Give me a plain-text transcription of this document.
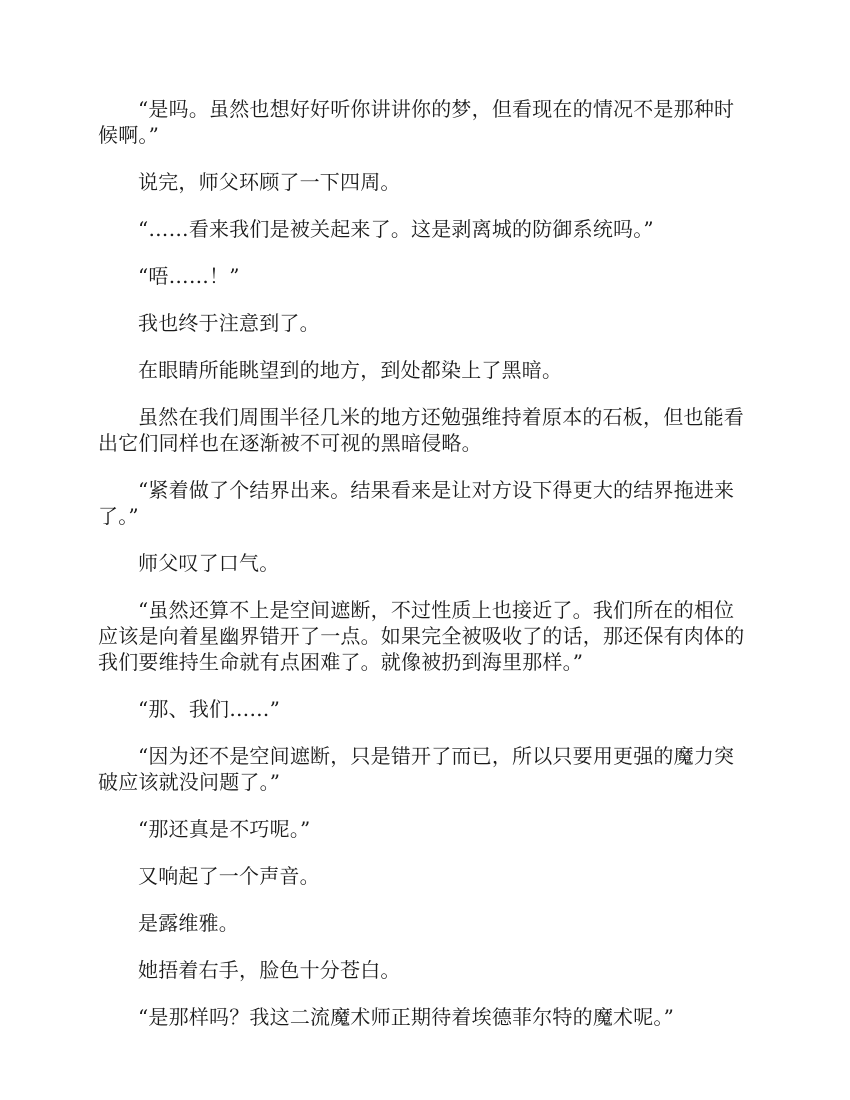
“是吗。虽然也想好好听你讲讲你的梦，但看现在的情况不是那种时候啊。”

说完，师父环顾了一下四周。

“……看来我们是被关起来了。这是剥离城的防御系统吗。”

“唔……！”

我也终于注意到了。

在眼睛所能眺望到的地方，到处都染上了黑暗。

虽然在我们周围半径几米的地方还勉强维持着原本的石板，但也能看出它们同样也在逐渐被不可视的黑暗侵略。

“紧着做了个结界出来。结果看来是让对方设下得更大的结界拖进来了。”

师父叹了口气。

“虽然还算不上是空间遮断，不过性质上也接近了。我们所在的相位应该是向着星幽界错开了一点。如果完全被吸收了的话，那还保有肉体的我们要维持生命就有点困难了。就像被扔到海里那样。”

“那、我们……”

“因为还不是空间遮断，只是错开了而已，所以只要用更强的魔力突破应该就没问题了。”

“那还真是不巧呢。”

又响起了一个声音。

是露维雅。

她捂着右手，脸色十分苍白。

“是那样吗？我这二流魔术师正期待着埃德菲尔特的魔术呢。”
